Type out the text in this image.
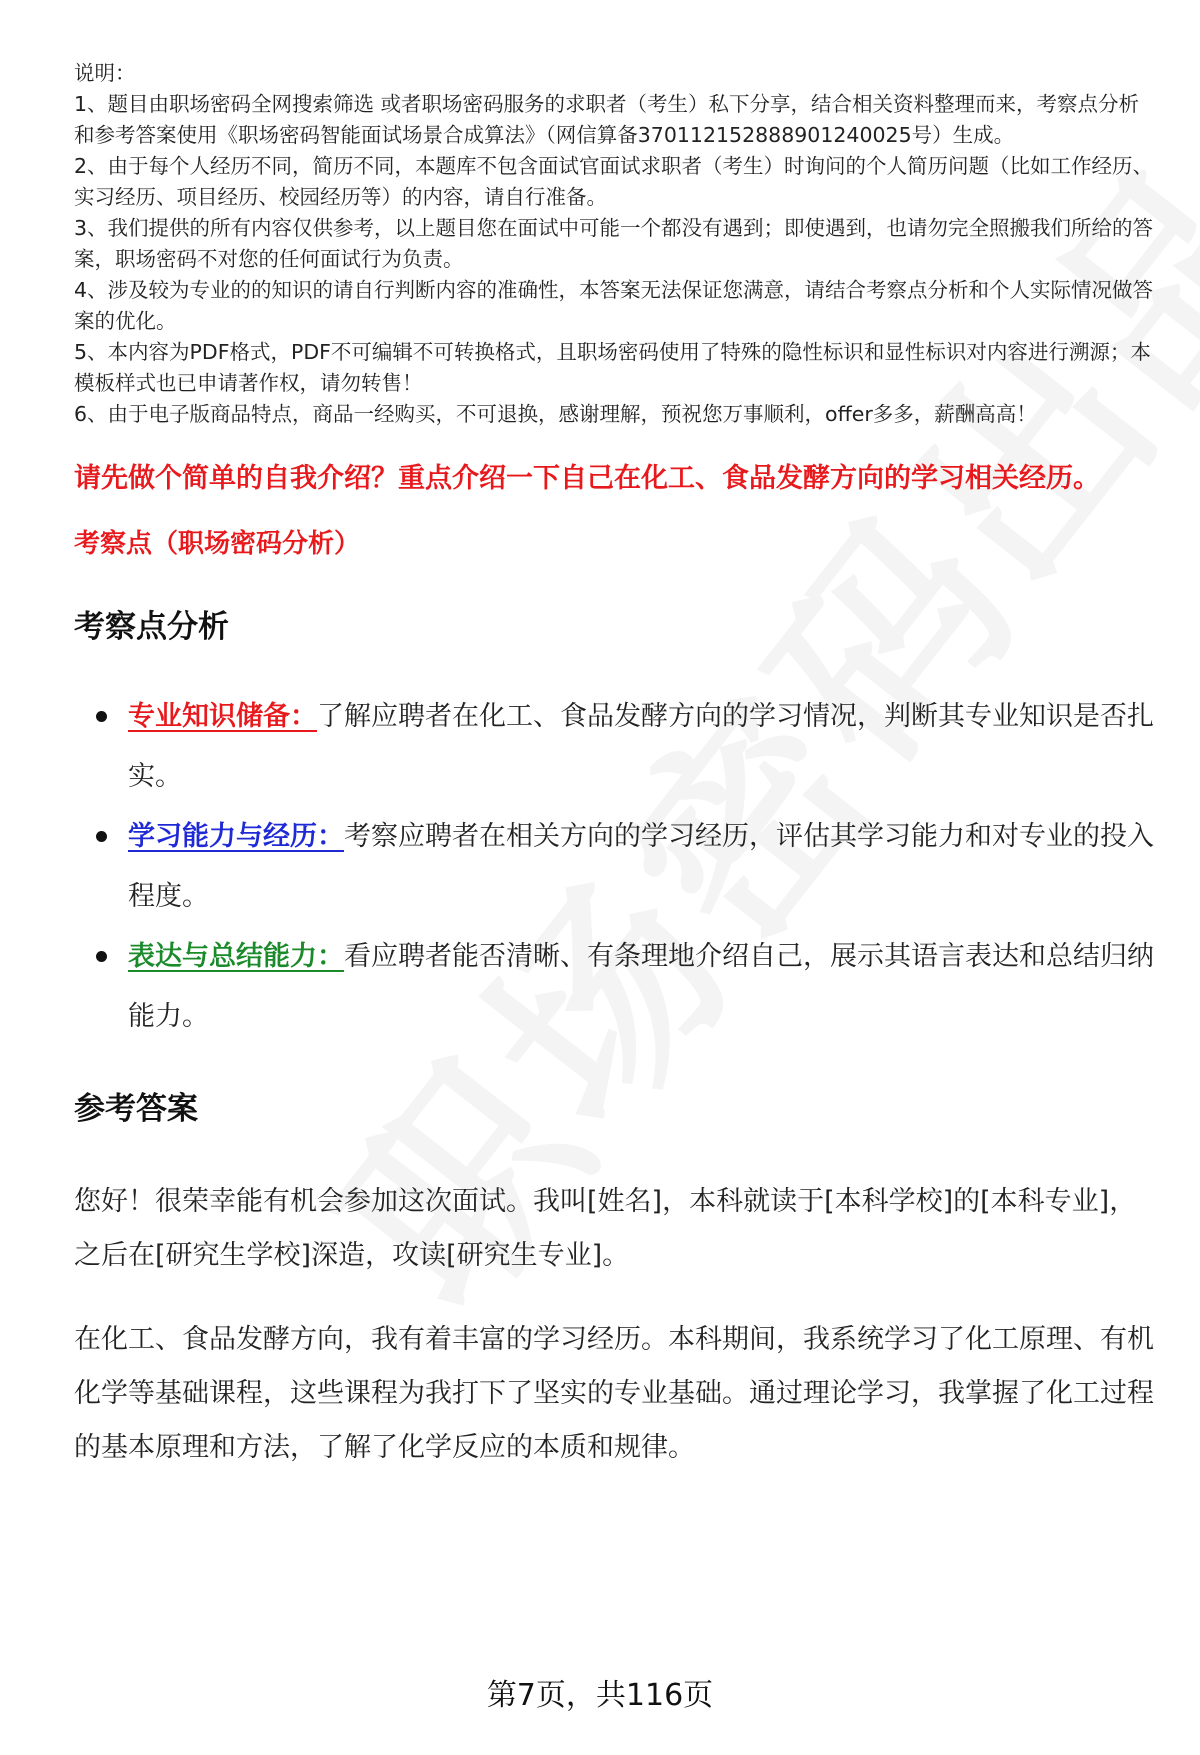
说明：

1、题目由职场密码全网搜索筛选 或者职场密码服务的求职者（考生）私下分享，结合相关资料整理而来，考察点分析和参考答案使用《职场密码智能面试场景合成算法》（网信算备370112152888901240025号）生成。

2、由于每个人经历不同，简历不同，本题库不包含面试官面试求职者（考生）时询问的个人简历问题（比如工作经历、实习经历、项目经历、校园经历等）的内容，请自行准备。

3、我们提供的所有内容仅供参考，以上题目您在面试中可能一个都没有遇到；即使遇到，也请勿完全照搬我们所给的答案，职场密码不对您的任何面试行为负责。

4、涉及较为专业的的知识的请自行判断内容的准确性，本答案无法保证您满意，请结合考察点分析和个人实际情况做答案的优化。

5、本内容为PDF格式，PDF不可编辑不可转换格式，且职场密码使用了特殊的隐性标识和显性标识对内容进行溯源；本模板样式也已申请著作权，请勿转售！

6、由于电子版商品特点，商品一经购买，不可退换，感谢理解，预祝您万事顺利，offer多多，薪酬高高！

请先做个简单的自我介绍？重点介绍一下自己在化工、食品发酵方向的学习相关经历。
考察点（职场密码分析）
考察点分析
专业知识储备：了解应聘者在化工、食品发酵方向的学习情况，判断其专业知识是否扎实。
学习能力与经历：考察应聘者在相关方向的学习经历，评估其学习能力和对专业的投入程度。
表达与总结能力：看应聘者能否清晰、有条理地介绍自己，展示其语言表达和总结归纳能力。
参考答案

您好！很荣幸能有机会参加这次面试。我叫[姓名]，本科就读于[本科学校]的[本科专业]，之后在[研究生学校]深造，攻读[研究生专业]。

在化工、食品发酵方向，我有着丰富的学习经历。本科期间，我系统学习了化工原理、有机化学等基础课程，这些课程为我打下了坚实的专业基础。通过理论学习，我掌握了化工过程的基本原理和方法，了解了化学反应的本质和规律。

第7页，共116页
